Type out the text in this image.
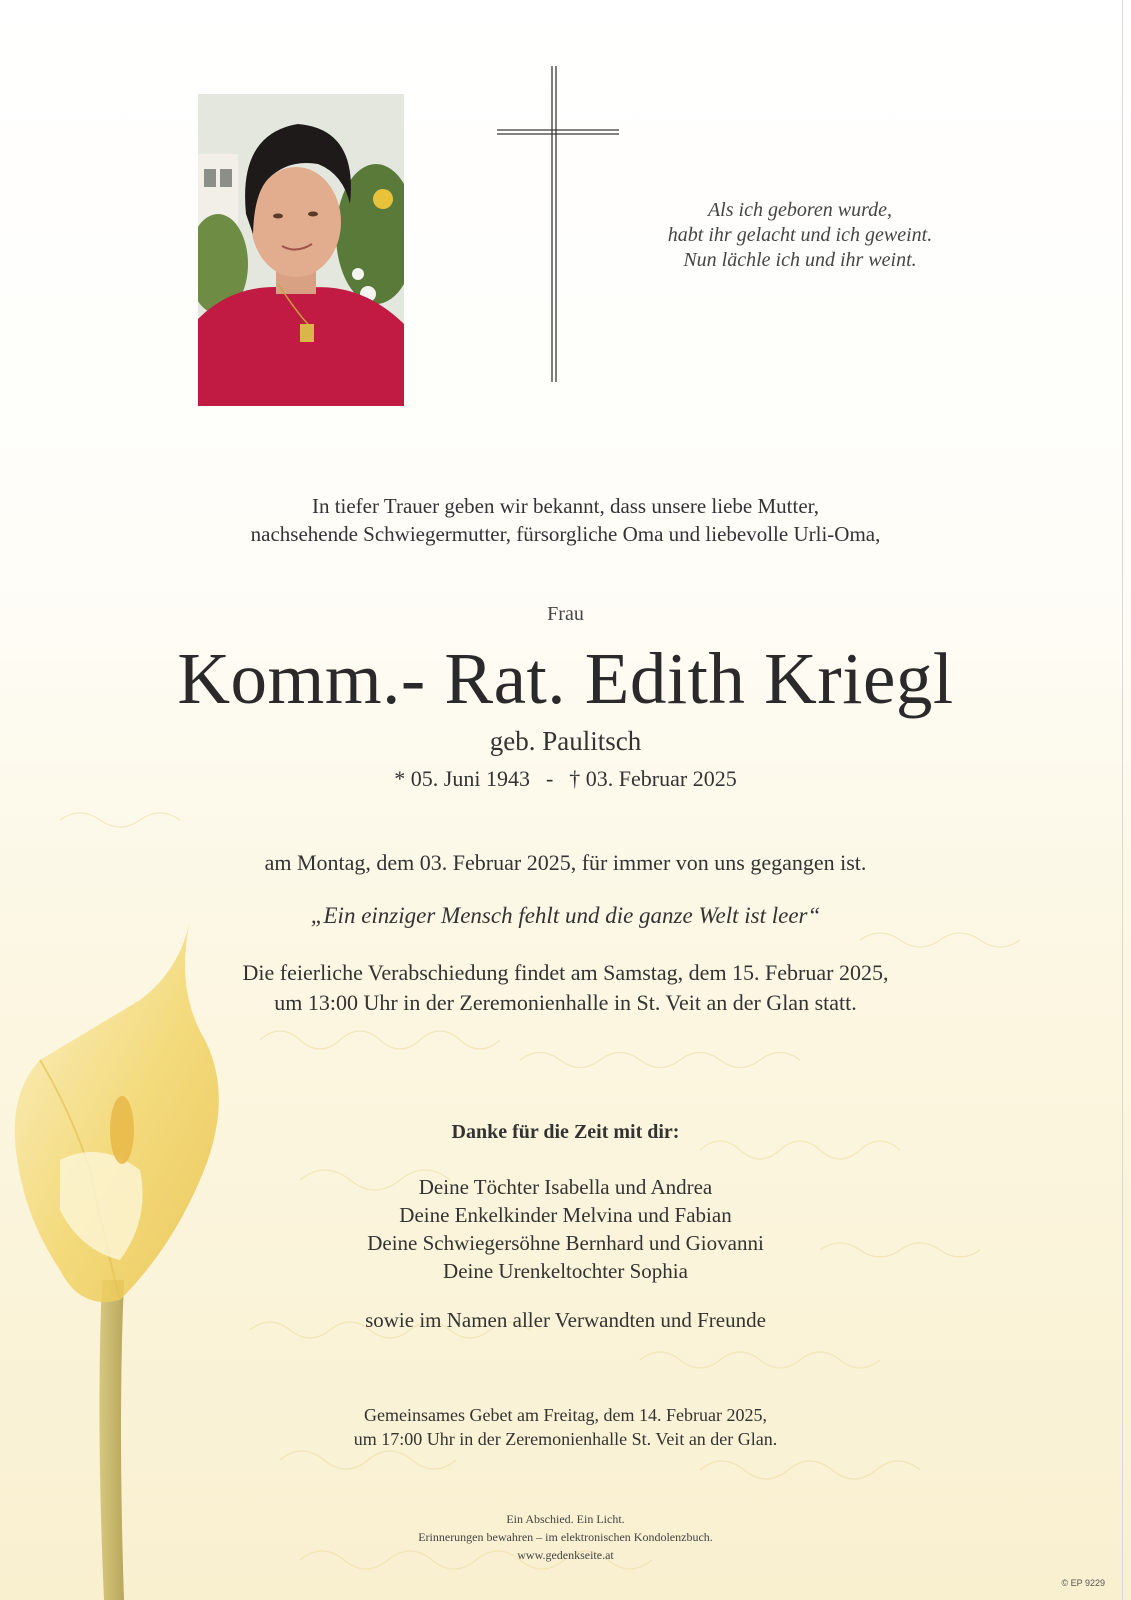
Als ich geboren wurde,
habt ihr gelacht und ich geweint.
Nun lächle ich und ihr weint.
In tiefer Trauer geben wir bekannt, dass unsere liebe Mutter,
nachsehende Schwiegermutter, fürsorgliche Oma und liebevolle Urli-Oma,
Frau
Komm.- Rat. Edith Kriegl
geb. Paulitsch
* 05. Juni 1943 - † 03. Februar 2025
am Montag, dem 03. Februar 2025, für immer von uns gegangen ist.
„Ein einziger Mensch fehlt und die ganze Welt ist leer“
Die feierliche Verabschiedung findet am Samstag, dem 15. Februar 2025,
um 13:00 Uhr in der Zeremonienhalle in St. Veit an der Glan statt.
Danke für die Zeit mit dir:
Deine Töchter Isabella und Andrea
Deine Enkelkinder Melvina und Fabian
Deine Schwiegersöhne Bernhard und Giovanni
Deine Urenkeltochter Sophia
sowie im Namen aller Verwandten und Freunde
Gemeinsames Gebet am Freitag, dem 14. Februar 2025,
um 17:00 Uhr in der Zeremonienhalle St. Veit an der Glan.
Ein Abschied. Ein Licht.
Erinnerungen bewahren – im elektronischen Kondolenzbuch.
www.gedenkseite.at
© EP 9229
